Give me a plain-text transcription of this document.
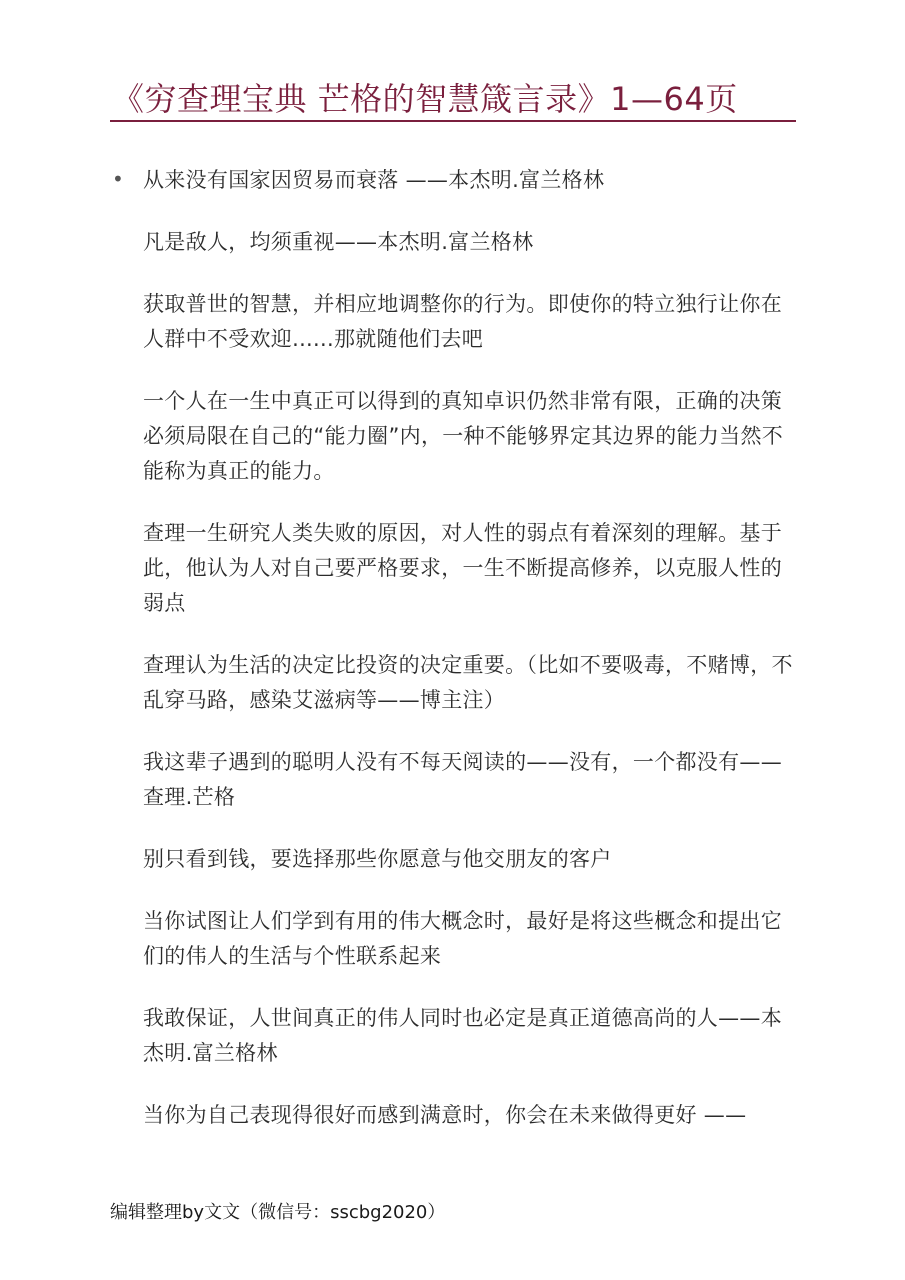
《穷查理宝典 芒格的智慧箴言录》1—64页
• 从来没有国家因贸易而衰落 ——本杰明.富兰格林

凡是敌人，均须重视——本杰明.富兰格林

获取普世的智慧，并相应地调整你的行为。即使你的特立独行让你在人群中不受欢迎......那就随他们去吧

一个人在一生中真正可以得到的真知卓识仍然非常有限，正确的决策必须局限在自己的“能力圈”内，一种不能够界定其边界的能力当然不能称为真正的能力。

查理一生研究人类失败的原因，对人性的弱点有着深刻的理解。基于此，他认为人对自己要严格要求，一生不断提高修养，以克服人性的弱点

查理认为生活的决定比投资的决定重要。（比如不要吸毒，不赌博，不乱穿马路，感染艾滋病等——博主注）

我这辈子遇到的聪明人没有不每天阅读的——没有，一个都没有——查理.芒格

别只看到钱，要选择那些你愿意与他交朋友的客户

当你试图让人们学到有用的伟大概念时，最好是将这些概念和提出它们的伟人的生活与个性联系起来

我敢保证，人世间真正的伟人同时也必定是真正道德高尚的人——本杰明.富兰格林

当你为自己表现得很好而感到满意时，你会在未来做得更好 ——

编辑整理by文文（微信号：sscbg2020）
